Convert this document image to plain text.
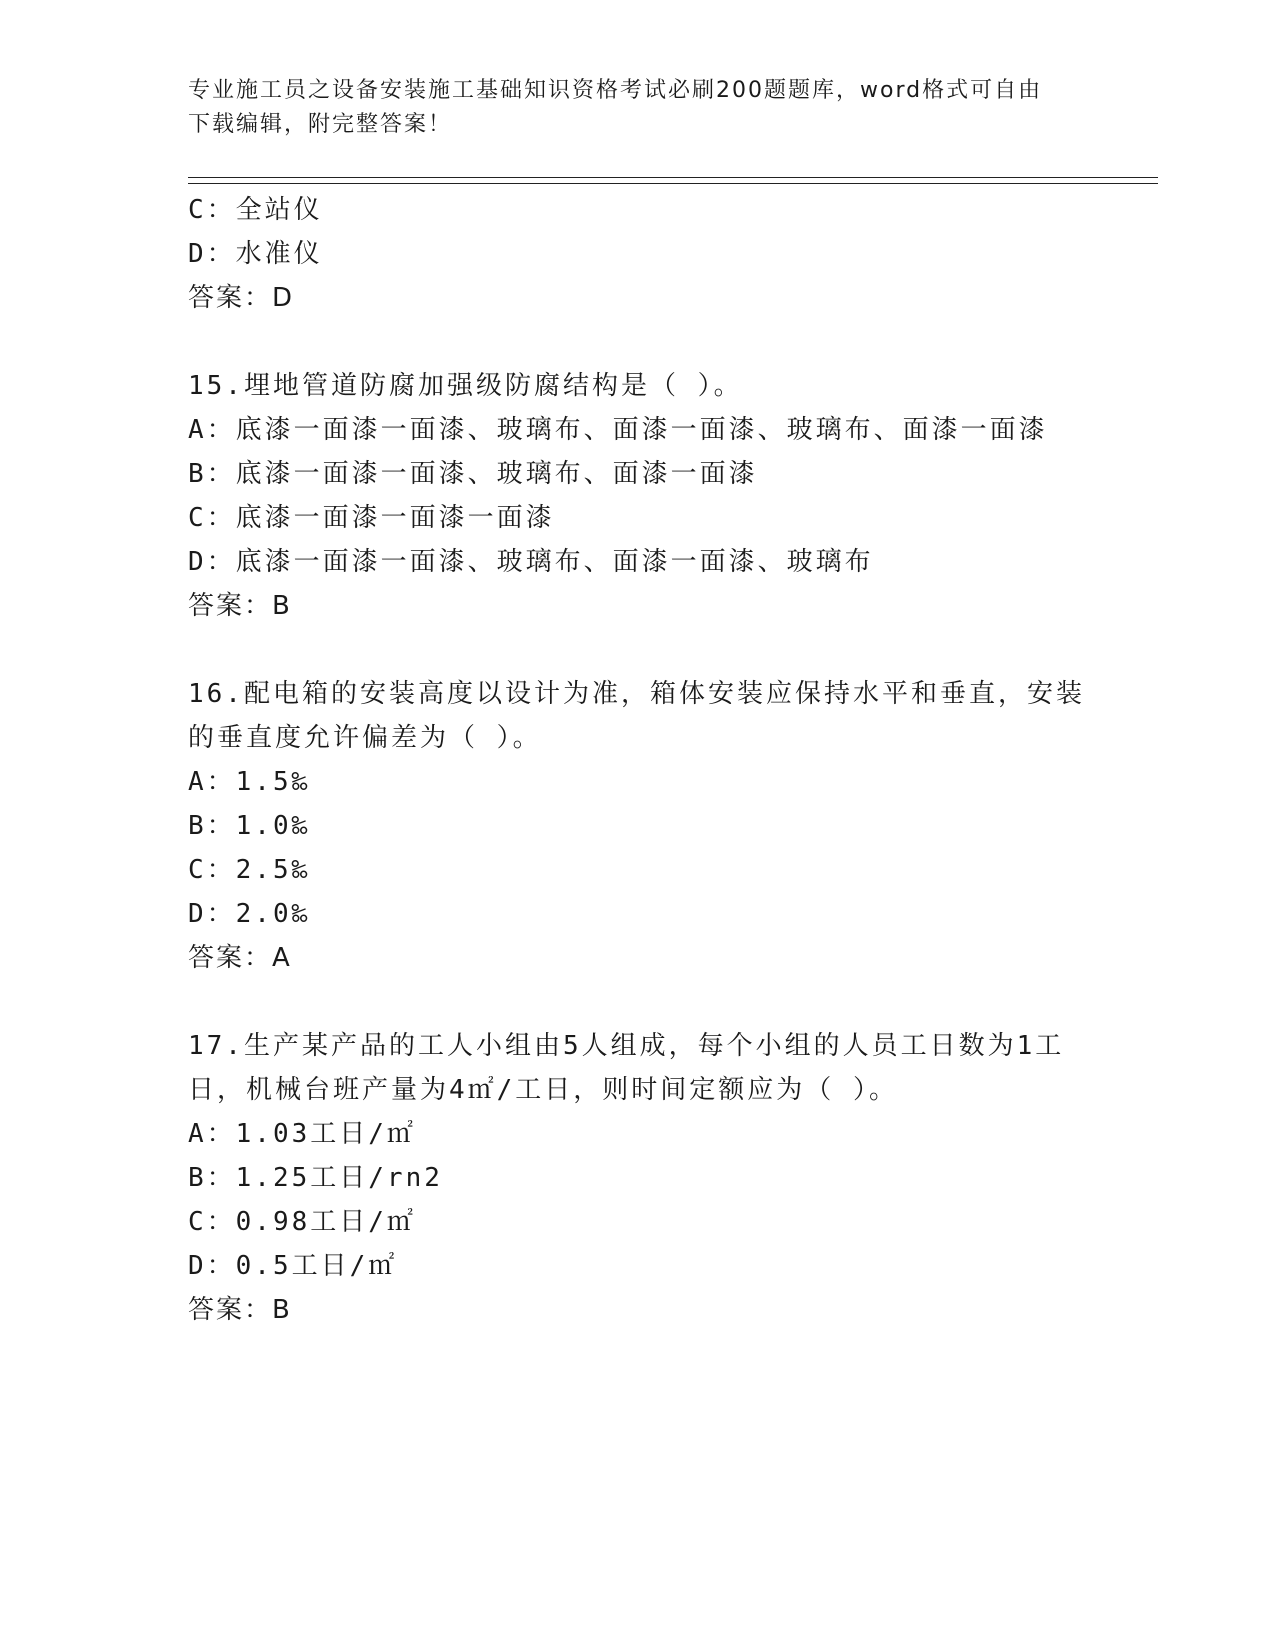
专业施工员之设备安装施工基础知识资格考试必刷200题题库，word格式可自由
下载编辑，附完整答案！
C：全站仪
D：水准仪
答案：D
15.埋地管道防腐加强级防腐结构是（ ）。
A：底漆一面漆一面漆、玻璃布、面漆一面漆、玻璃布、面漆一面漆
B：底漆一面漆一面漆、玻璃布、面漆一面漆
C：底漆一面漆一面漆一面漆
D：底漆一面漆一面漆、玻璃布、面漆一面漆、玻璃布
答案：B
16.配电箱的安装高度以设计为准，箱体安装应保持水平和垂直，安装
的垂直度允许偏差为（ ）。
A：1.5‰
B：1.0‰
C：2.5‰
D：2.0‰
答案：A
17.生产某产品的工人小组由5人组成，每个小组的人员工日数为1工
日，机械台班产量为4㎡/工日，则时间定额应为（ ）。
A：1.03工日/㎡
B：1.25工日/rn2
C：0.98工日/㎡
D：0.5工日/㎡
答案：B
